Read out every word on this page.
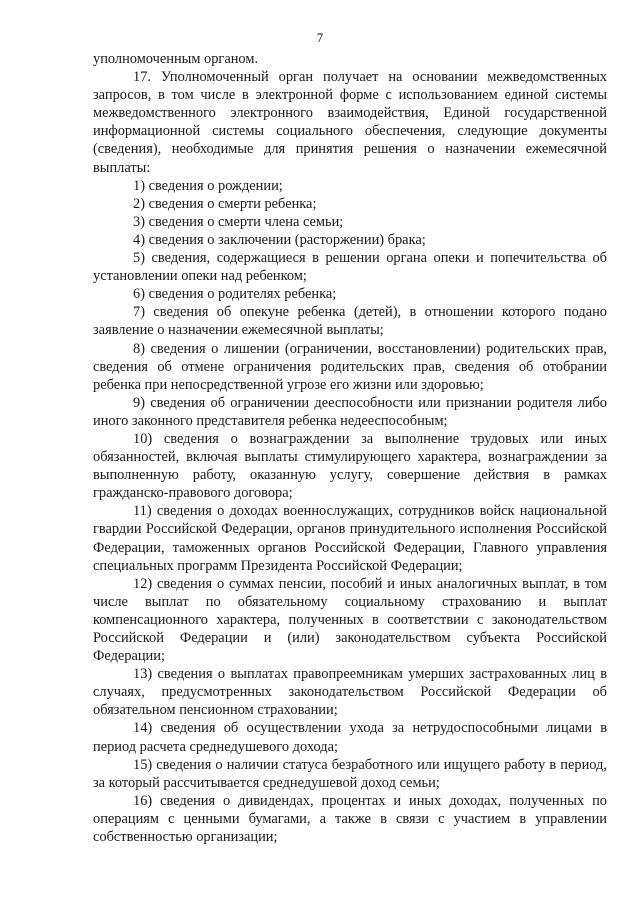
7

уполномоченным органом.

17. Уполномоченный орган получает на основании межведомственных запросов, в том числе в электронной форме с использованием единой системы межведомственного электронного взаимодействия, Единой государственной информационной системы социального обеспечения, следующие документы (сведения), необходимые для принятия решения о назначении ежемесячной выплаты:

1) сведения о рождении;

2) сведения о смерти ребенка;

3) сведения о смерти члена семьи;

4) сведения о заключении (расторжении) брака;

5) сведения, содержащиеся в решении органа опеки и попечительства об установлении опеки над ребенком;

6) сведения о родителях ребенка;

7) сведения об опекуне ребенка (детей), в отношении которого подано заявление о назначении ежемесячной выплаты;

8) сведения о лишении (ограничении, восстановлении) родительских прав, сведения об отмене ограничения родительских прав, сведения об отобрании ребенка при непосредственной угрозе его жизни или здоровью;

9) сведения об ограничении дееспособности или признании родителя либо иного законного представителя ребенка недееспособным;

10) сведения о вознаграждении за выполнение трудовых или иных обязанностей, включая выплаты стимулирующего характера, вознаграждении за выполненную работу, оказанную услугу, совершение действия в рамках гражданско-правового договора;

11) сведения о доходах военнослужащих, сотрудников войск национальной гвардии Российской Федерации, органов принудительного исполнения Российской Федерации, таможенных органов Российской Федерации, Главного управления специальных программ Президента Российской Федерации;

12) сведения о суммах пенсии, пособий и иных аналогичных выплат, в том числе выплат по обязательному социальному страхованию и выплат компенсационного характера, полученных в соответствии с законодательством Российской Федерации и (или) законодательством субъекта Российской Федерации;

13) сведения о выплатах правопреемникам умерших застрахованных лиц в случаях, предусмотренных законодательством Российской Федерации об обязательном пенсионном страховании;

14) сведения об осуществлении ухода за нетрудоспособными лицами в период расчета среднедушевого дохода;

15) сведения о наличии статуса безработного или ищущего работу в период, за который рассчитывается среднедушевой доход семьи;

16) сведения о дивидендах, процентах и иных доходах, полученных по операциям с ценными бумагами, а также в связи с участием в управлении собственностью организации;
